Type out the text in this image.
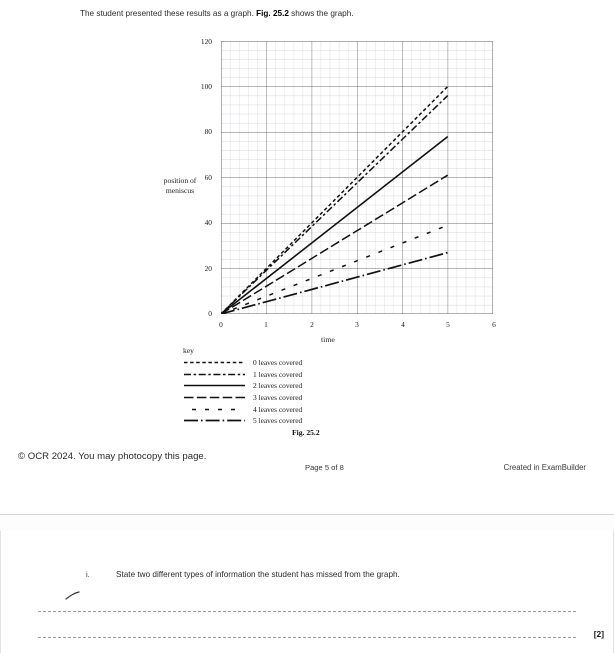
The student presented these results as a graph. Fig. 25.2 shows the graph.
position of
meniscus
120
100
80
60
40
20
0
0	1	2	3	4	5	6
time
key
0 leaves covered
1 leaves covered
2 leaves covered
3 leaves covered
4 leaves covered
5 leaves covered
Fig. 25.2
© OCR 2024. You may photocopy this page.
Page 5 of 8	Created in ExamBuilder
i.	State two different types of information the student has missed from the graph.
[2]
